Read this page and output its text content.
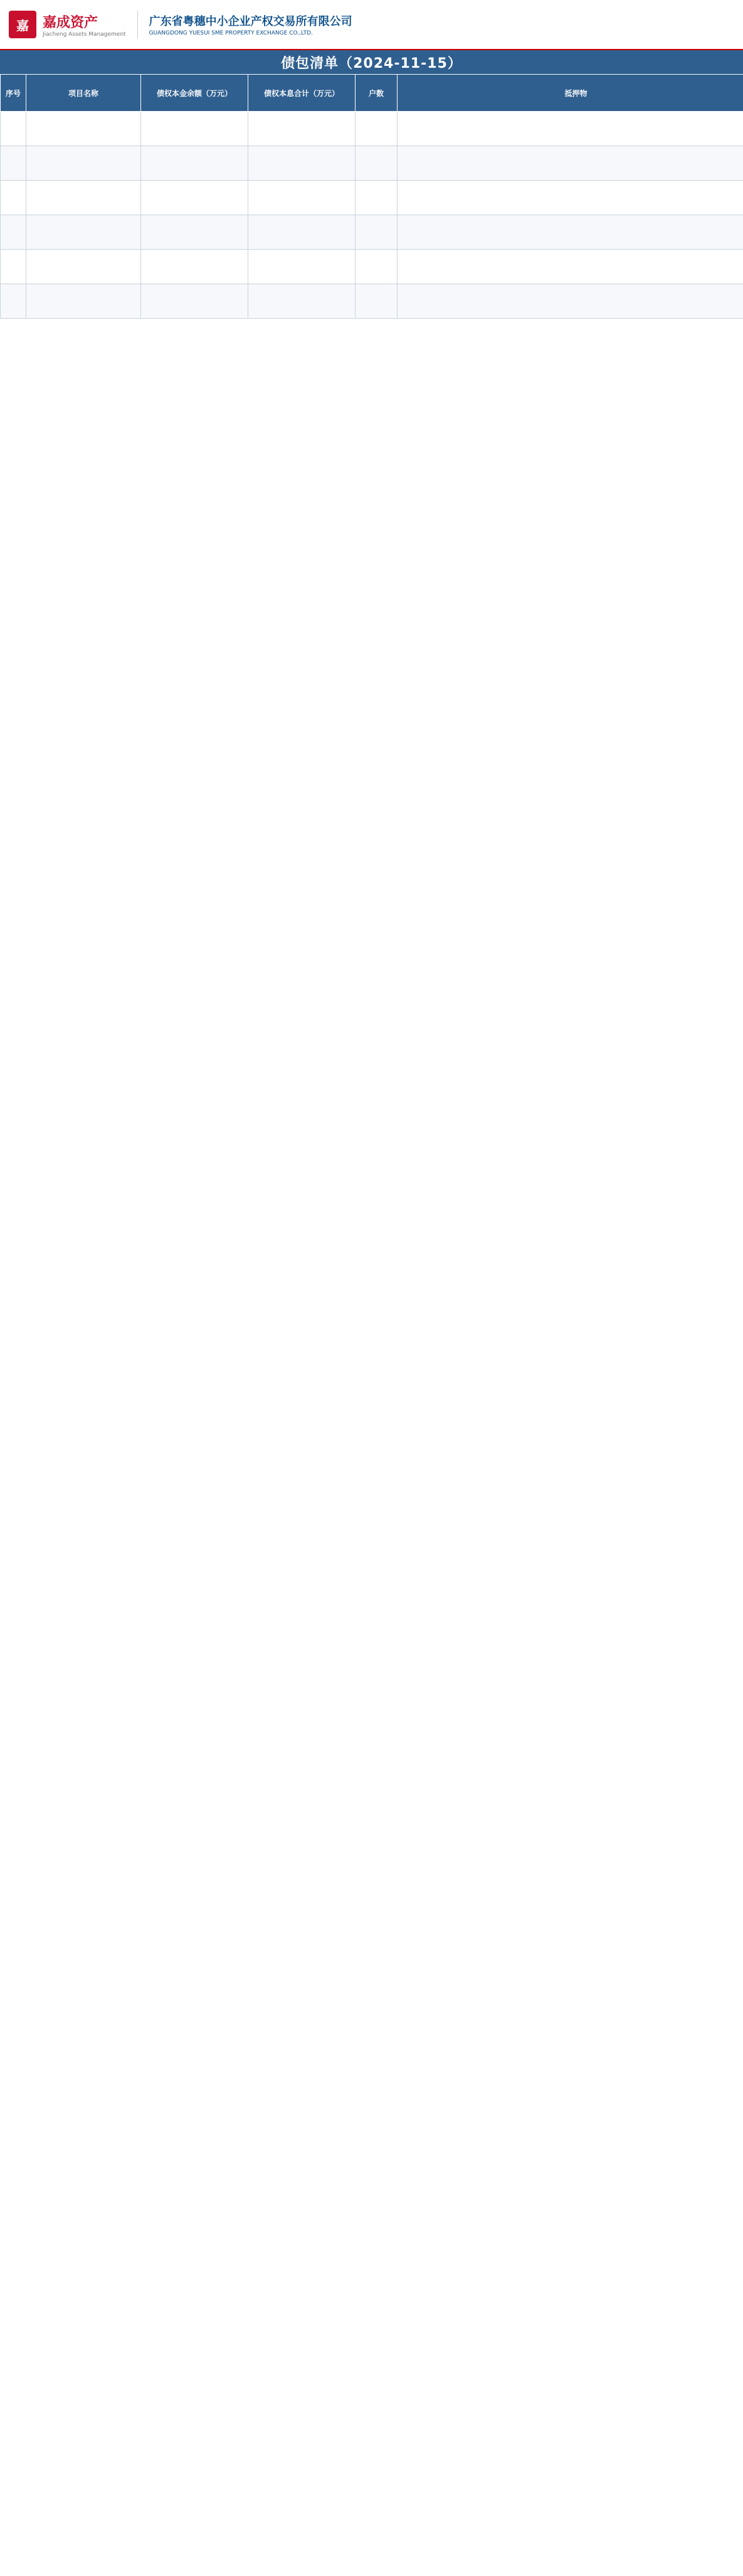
嘉	嘉成资产
Jiacheng Assets Management
广东省粤穗中小企业产权交易所有限公司
GUANGDONG YUESUI SME PROPERTY EXCHANGE CO.,LTD.
债包清单（2024-11-15）
序号	项目名称	债权本金余额（万元）	债权本息合计（万元）	户数	抵押物
